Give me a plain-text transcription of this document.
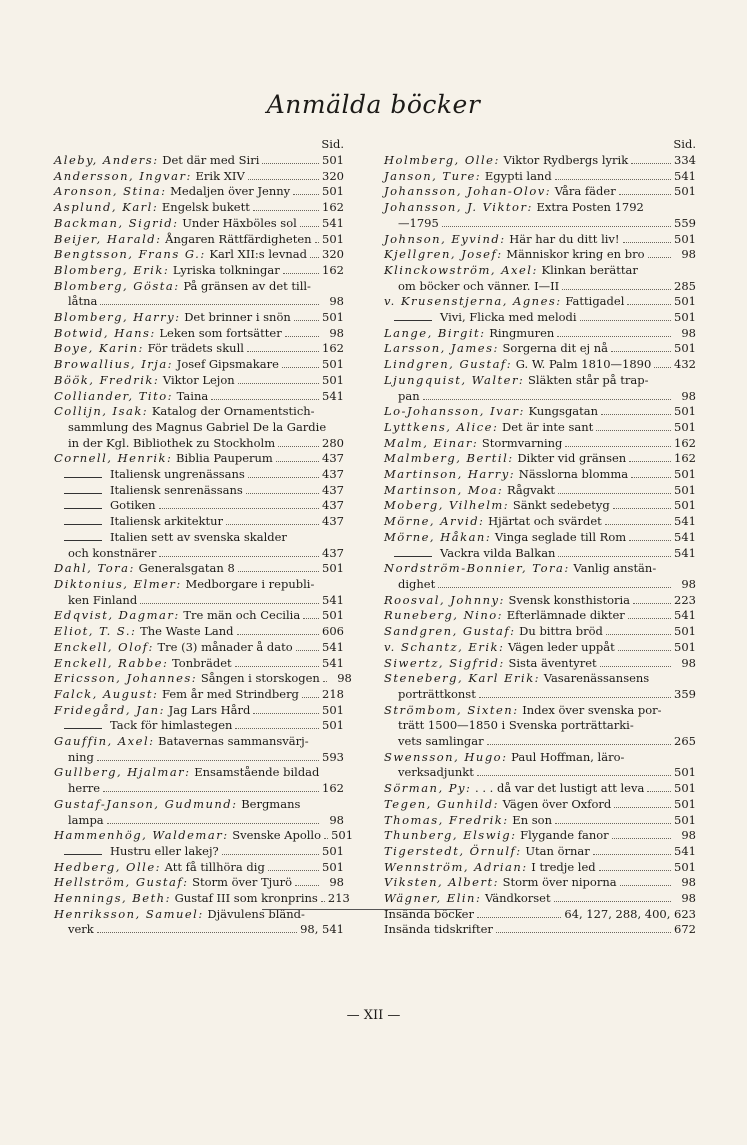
Anmälda böcker
Sid.
Aleby, Anders:
Det där med Siri	501
Andersson, Ingvar:
Erik XIV	320
Aronson, Stina:
Medaljen över Jenny	501
Asplund, Karl:
Engelsk bukett	162
Backman, Sigrid:
Under Häxböles sol 541
Beijer, Harald:
Ångaren Rättfärdigheten 501
Bengtsson, Frans G.:
Karl XII:s levnad 320
Blomberg, Erik:
Lyriska tolkningar	162
Blomberg, Gösta:
På gränsen av det till-
låtna	98
Blomberg, Harry:
Det brinner i snön	501
Botwid, Hans:
Leken som fortsätter	98
Boye, Karin:
För trädets skull	162
Browallius, Irja:
Josef Gipsmakare	501
Böök, Fredrik:
Viktor Lejon	501
Colliander, Tito:
Taina	541
Collijn, Isak:
Katalog der Ornamentstich-
sammlung des Magnus Gabriel De la Gardie
in der Kgl. Bibliothek zu Stockholm	280
Cornell, Henrik:
Biblia Pauperum	437
Italiensk ungrenässans	437
Italiensk senrenässans	437
Gotiken	437
Italiensk arkitektur	437
Italien sett av svenska skalder
och konstnärer	437
Dahl, Tora:
Generalsgatan 8	501
Diktonius, Elmer:
Medborgare i republi-
ken Finland	541
Edqvist, Dagmar:
Tre män och Cecilia 501
Eliot, T. S.:
The Waste Land	606
Enckell, Olof:
Tre (3) månader å dato	541
Enckell, Rabbe:
Tonbrädet	541
Ericsson, Johannes:
Sången i storskogen	98
Falck, August:
Fem år med Strindberg 218
Fridegård, Jan:
Jag Lars Hård	501
Tack för himlastegen	501
Gauffin, Axel:
Batavernas sammansvärj-
ning	593
Gullberg, Hjalmar:
Ensamstående bildad
herre	162
Gustaf-Janson, Gudmund:
Bergmans
lampa	98
Hammenhög, Waldemar:
Svenske Apollo 501
Hustru eller lakej?	501
Hedberg, Olle:
Att få tillhöra dig	501
Hellström, Gustaf:
Storm över Tjurö	98
Hennings, Beth:
Gustaf III som kronprins 213
Henriksson, Samuel:
Djävulens bländ-
verk	98, 541
Sid.
Holmberg, Olle:
Viktor Rydbergs lyrik	334
Janson, Ture:
Egypti land	541
Johansson, Johan-Olov:
Våra fäder	501
Johansson, J. Viktor:
Extra Posten 1792
—1795	559
Johnson, Eyvind:
Här har du ditt liv!	501
Kjellgren, Josef:
Människor kring en bro	98
Klinckowström, Axel:
Klinkan berättar
om böcker och vänner. I—II	285
v. Krusenstjerna, Agnes:
Fattigadel	501
Vivi, Flicka med melodi	501
Lange, Birgit:
Ringmuren	98
Larsson, James:
Sorgerna dit ej nå	501
Lindgren, Gustaf:
G. W. Palm 1810—1890 432
Ljungquist, Walter:
Släkten står på trap-
pan	98
Lo-Johansson, Ivar:
Kungsgatan	501
Lyttkens, Alice:
Det är inte sant	501
Malm, Einar:
Stormvarning	162
Malmberg, Bertil:
Dikter vid gränsen	162
Martinson, Harry:
Nässlorna blomma	501
Martinson, Moa:
Rågvakt	501
Moberg, Vilhelm:
Sänkt sedebetyg	501
Mörne, Arvid:
Hjärtat och svärdet	541
Mörne, Håkan:
Vinga seglade till Rom	541
Vackra vilda Balkan	541
Nordström-Bonnier, Tora:
Vanlig anstän-
dighet	98
Roosval, Johnny:
Svensk konsthistoria	223
Runeberg, Nino:
Efterlämnade dikter	541
Sandgren, Gustaf:
Du bittra bröd	501
v. Schantz, Erik:
Vägen leder uppåt	501
Siwertz, Sigfrid:
Sista äventyret	98
Steneberg, Karl Erik:
Vasarenässansens
porträttkonst	359
Strömbom, Sixten:
Index över svenska por-
trätt 1500—1850 i Svenska porträttarki-
vets samlingar	265
Swensson, Hugo:
Paul Hoffman, läro-
verksadjunkt	501
Sörman, Py:
. . . då var det lustigt att leva	501
Tegen, Gunhild:
Vägen över Oxford	501
Thomas, Fredrik:
En son	501
Thunberg, Elswig:
Flygande fanor	98
Tigerstedt, Örnulf:
Utan örnar	541
Wennström, Adrian:
I tredje led	501
Viksten, Albert:
Storm över niporna	98
Wägner, Elin:
Vändkorset	98
Insända böcker	64, 127, 288, 400, 623
Insända tidskrifter	672
— XII —
